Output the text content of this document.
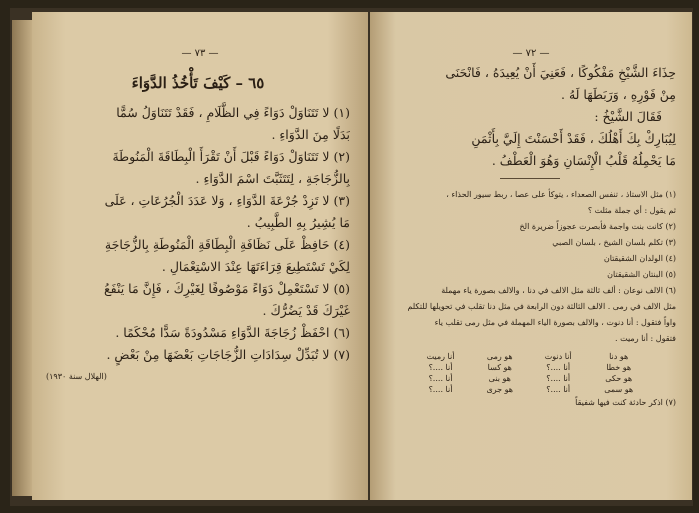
— ٧٣ —
٦٥ – كَيْفَ تَأْخُذُ الدَّوَاءَ

(١) لا تَتَنَاوَلْ دَوَاءً فِي الظَّلَامِ ، فَقَدْ تَتَنَاوَلُ سُمًّا

بَدَلًا مِنَ الدَّوَاءِ .

(٢) لا تَتَنَاوَلْ دَوَاءً قَبْلَ أَنْ تَقْرَأَ الْبِطَاقَةَ الْمَنُوطَةَ

بِالزُّجَاجَةِ ، لِتَتَثَبَّتَ اسْمَ الدَّوَاءِ .

(٣) لا تَزِدْ جُرْعَةَ الدَّوَاءِ ، وَلا عَدَدَ الْجُرُعَاتِ ، عَلَى

مَا يُشِيرُ بِهِ الطَّبِيبُ .

(٤) حَافِظْ عَلَى نَظَافَةِ الْبِطَاقَةِ الْمَنُوطَةِ بِالزُّجَاجَةِ

لِكَيْ تَسْتَطِيعَ قِرَاءَتَهَا عِنْدَ الاسْتِعْمَالِ .

(٥) لا تَسْتَعْمِلْ دَوَاءً مَوْصُوفًا لِغَيْرِكَ ، فَإِنَّ مَا يَنْفَعُ

غَيْرَكَ قَدْ يَضُرُّكَ .

(٦) احْفَظْ زُجَاجَةَ الدَّوَاءِ مَسْدُودَةً سَدًّا مُحْكَمًا .

(٧) لا تُبَدِّلْ سِدَادَاتِ الزُّجَاجَاتِ بَعْضَهَا مِنْ بَعْضٍ .

(الهلال سنة ١٩٣٠)
— ٧٢ —

حِذَاءَ الشَّيْخِ مَفْكُوكًا ، فَعَنِيَ أَنْ يُعِيدَهُ ، فَانْحَنَى

مِنْ فَوْرِهِ ، وَرَبَطَهَا لَهُ .

فَقَالَ الشَّيْخُ :

لِيُبَارِكْ بِكَ أَهْلُكَ ، فَقَدْ أَحْسَنْتَ إِلَيَّ بِأَثْمَنِ

مَا يَحْمِلُهُ قَلْبُ الْإِنْسَانِ وَهُوَ الْعَطْفُ .

(١) مثل الاستاذ ، تنفس الصعداء ، يتوكأ على عصا ، ربط سيور الحذاء ،

ثم يقول : أي جملة مثلت ؟

(٢) كانت بنت واجمة فأبصرت عجوزاً ضريرة الخ

(٣) تكلم بلسان الشيخ ، بلسان الصبي

(٤) الولدان الشقيقتان

(٥) البنتان الشقيقتان

(٦) الالف نوعان : ألف ثالثة مثل الالف في دنا ، والالف بصورة ياء مهملة

مثل الالف في رمى . الالف الثالثة دون الرابعة في مثل دنا تقلب في تحويلها للتكلم

واواً فتقول : أنا دنوت ، والالف بصورة الياء المهملة في مثل رمى تقلب ياء

فتقول : أنا رميت .

هو دنا	أنا دنوت	هو رمى	أنا رميت
هو خطا	أنا ....؟	هو كسا	أنا ....؟
هو حكى	أنا ....؟	هو بنى	أنا ....؟
هو سمى	أنا ....؟	هو جرى	أنا ....؟

(٧) اذكر حادثة كنت فيها شفيقاً
